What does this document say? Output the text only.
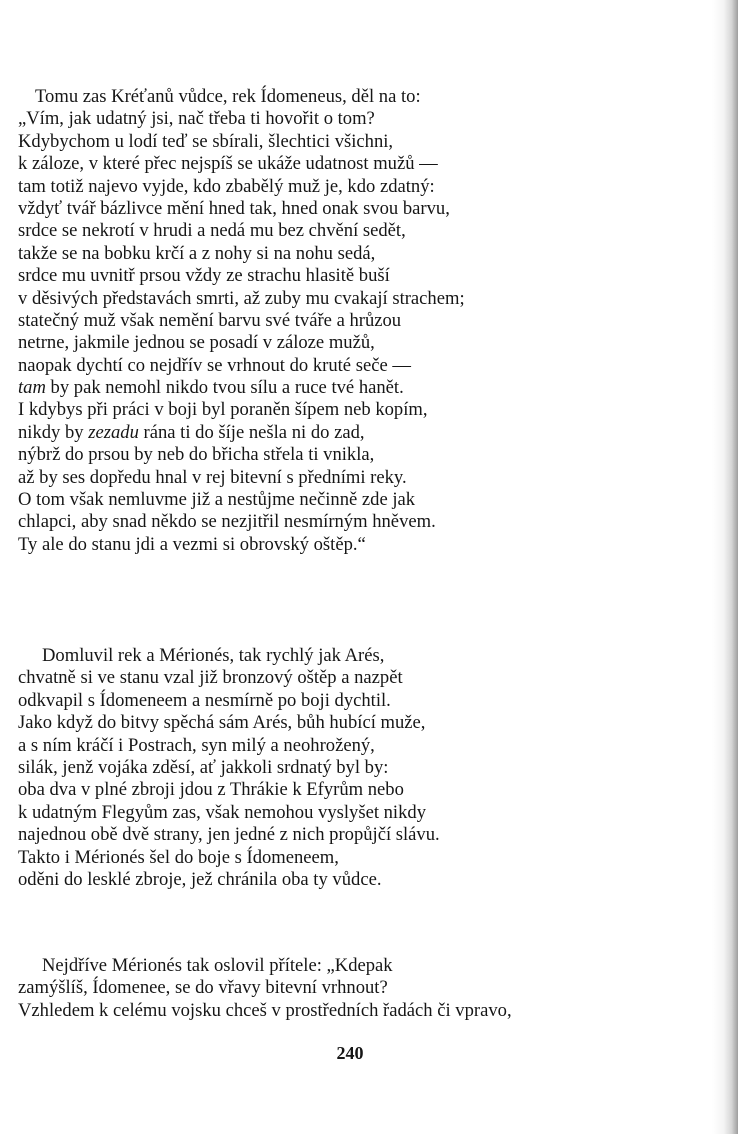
Tomu zas Kréťanů vůdce, rek Ídomeneus, děl na to:
„Vím, jak udatný jsi, nač třeba ti hovořit o tom?
Kdybychom u lodí teď se sbírali, šlechtici všichni,
k záloze, v které přec nejspíš se ukáže udatnost mužů —
tam totiž najevo vyjde, kdo zbabělý muž je, kdo zdatný:
vždyť tvář bázlivce mění hned tak, hned onak svou barvu,
srdce se nekrotí v hrudi a nedá mu bez chvění sedět,
takže se na bobku krčí a z nohy si na nohu sedá,
srdce mu uvnitř prsou vždy ze strachu hlasitě buší
v děsivých představách smrti, až zuby mu cvakají strachem;
statečný muž však nemění barvu své tváře a hrůzou
netrne, jakmile jednou se posadí v záloze mužů,
naopak dychtí co nejdřív se vrhnout do kruté seče —
tam by pak nemohl nikdo tvou sílu a ruce tvé hanět.
I kdybys při práci v boji byl poraněn šípem neb kopím,
nikdy by zezadu rána ti do šíje nešla ni do zad,
nýbrž do prsou by neb do břicha střela ti vnikla,
až by ses dopředu hnal v rej bitevní s předními reky.
O tom však nemluvme již a nestůjme nečinně zde jak
chlapci, aby snad někdo se nezjitřil nesmírným hněvem.
Ty ale do stanu jdi a vezmi si obrovský oštěp.“
Domluvil rek a Mérionés, tak rychlý jak Arés,
chvatně si ve stanu vzal již bronzový oštěp a nazpět
odkvapil s Ídomeneem a nesmírně po boji dychtil.
Jako když do bitvy spěchá sám Arés, bůh hubící muže,
a s ním kráčí i Postrach, syn milý a neohrožený,
silák, jenž vojáka zděsí, ať jakkoli srdnatý byl by:
oba dva v plné zbroji jdou z Thrákie k Efyrům nebo
k udatným Flegyům zas, však nemohou vyslyšet nikdy
najednou obě dvě strany, jen jedné z nich propůjčí slávu.
Takto i Mérionés šel do boje s Ídomeneem,
oděni do lesklé zbroje, jež chránila oba ty vůdce.
Nejdříve Mérionés tak oslovil přítele: „Kdepak
zamýšlíš, Ídomenee, se do vřavy bitevní vrhnout?
Vzhledem k celému vojsku chceš v prostředních řadách či vpravo,
240
